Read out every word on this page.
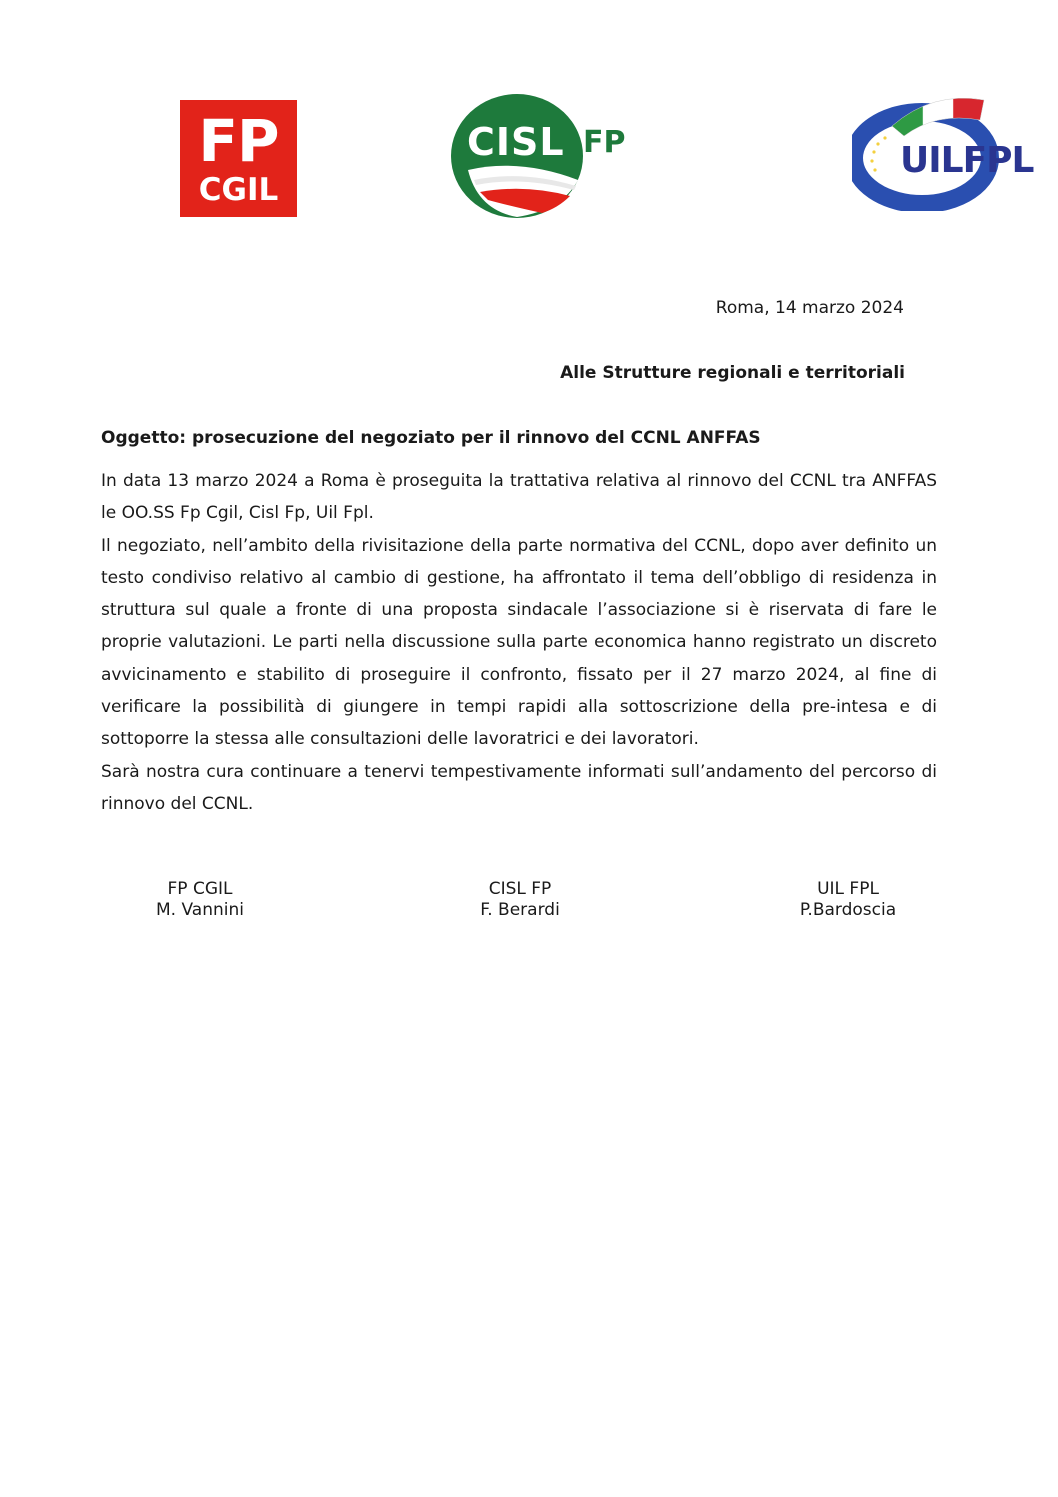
FP
CGIL
CISL FP	UILFPL
Roma, 14 marzo 2024
Alle Strutture regionali e territoriali
Oggetto: prosecuzione del negoziato per il rinnovo del CCNL ANFFAS

In data 13 marzo 2024 a Roma è proseguita la trattativa relativa al rinnovo del CCNL tra ANFFAS le OO.SS Fp Cgil, Cisl Fp, Uil Fpl.

Il negoziato, nell’ambito della rivisitazione della parte normativa del CCNL, dopo aver definito un testo condiviso relativo al cambio di gestione, ha affrontato il tema dell’obbligo di residenza in struttura sul quale a fronte di una proposta sindacale l’associazione si è riservata di fare le proprie valutazioni. Le parti nella discussione sulla parte economica hanno registrato un discreto avvicinamento e stabilito di proseguire il confronto, fissato per il 27 marzo 2024, al fine di verificare la possibilità di giungere in tempi rapidi alla sottoscrizione della pre-intesa e di sottoporre la stessa alle consultazioni delle lavoratrici e dei lavoratori.

Sarà nostra cura continuare a tenervi tempestivamente informati sull’andamento del percorso di rinnovo del CCNL.

FP CGIL
M. Vannini
CISL FP
F. Berardi
UIL FPL
P.Bardoscia
